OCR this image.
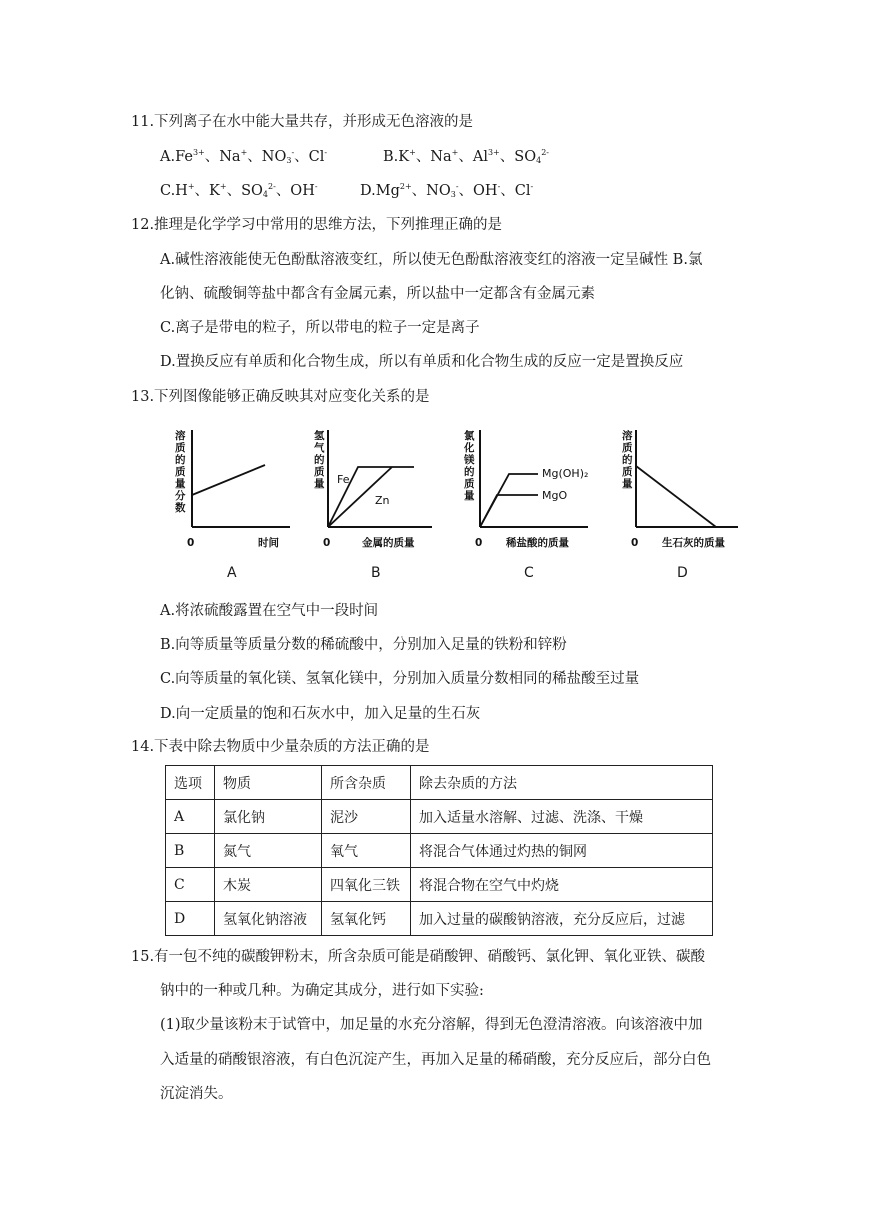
11.下列离子在水中能大量共存，并形成无色溶液的是
$A.Fe^{3+}$、Na+、$NO_3^-$、Cl-	B.K+、Na+、$Al^{3+}$、$SO_4^{2-}$
C.H+、K+、$SO_4^{2-}$、OH-	$D.Mg^{2+}$、$NO_3^-$、OH-、Cl-
12.推理是化学学习中常用的思维方法，下列推理正确的是
A.碱性溶液能使无色酚酞溶液变红，所以使无色酚酞溶液变红的溶液一定呈碱性 B.氯
化钠、硫酸铜等盐中都含有金属元素，所以盐中一定都含有金属元素
C.离子是带电的粒子，所以带电的粒子一定是离子
D.置换反应有单质和化合物生成，所以有单质和化合物生成的反应一定是置换反应
13.下列图像能够正确反映其对应变化关系的是
溶
质
的
质
量
分
数
0	时间
A
氢
气
的
质
量 Fe
Zn
0	金属的质量
B
氯
化
镁
的
质
量
Mg(OH)₂
MgO
0 稀盐酸的质量
C
溶
质
的
质
量
0 生石灰的质量
D
A.将浓硫酸露置在空气中一段时间
B.向等质量等质量分数的稀硫酸中，分别加入足量的铁粉和锌粉
C.向等质量的氧化镁、氢氧化镁中，分别加入质量分数相同的稀盐酸至过量
D.向一定质量的饱和石灰水中，加入足量的生石灰
14.下表中除去物质中少量杂质的方法正确的是
选项	物质	所含杂质	除去杂质的方法
A	氯化钠	泥沙	加入适量水溶解、过滤、洗涤、干燥
B	氮气	氧气	将混合气体通过灼热的铜网
C	木炭	四氧化三铁	将混合物在空气中灼烧
D	氢氧化钠溶液	氢氧化钙	加入过量的碳酸钠溶液，充分反应后，过滤
15.有一包不纯的碳酸钾粉末，所含杂质可能是硝酸钾、硝酸钙、氯化钾、氧化亚铁、碳酸
钠中的一种或几种。为确定其成分，进行如下实验:
(1)取少量该粉末于试管中，加足量的水充分溶解，得到无色澄清溶液。向该溶液中加
入适量的硝酸银溶液，有白色沉淀产生，再加入足量的稀硝酸，充分反应后，部分白色
沉淀消失。
